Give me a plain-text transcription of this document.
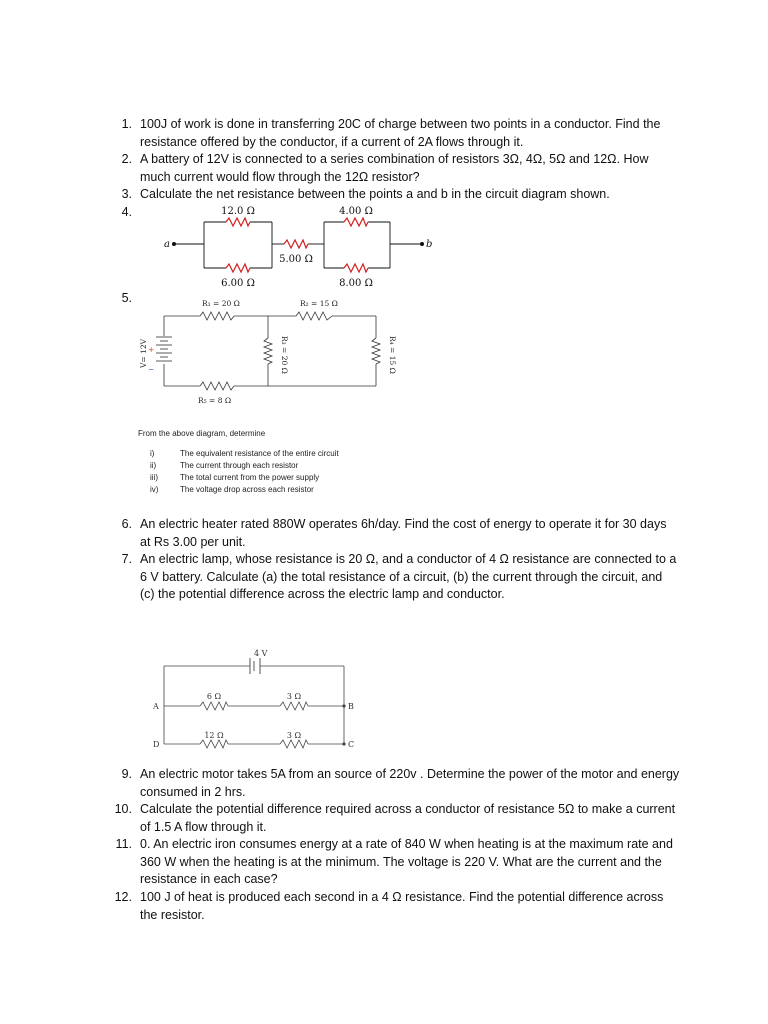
1. 100J of work is done in transferring 20C of charge between two points in a conductor. Find the resistance offered by the conductor, if a current of 2A flows through it.
2. A battery of 12V is connected to a series combination of resistors 3Ω, 4Ω, 5Ω and 12Ω. How much current would flow through the 12Ω resistor?
3. Calculate the net resistance between the points a and b in the circuit diagram shown.
4.
a	b
12.0 Ω
6.00 Ω
5.00 Ω
4.00 Ω
8.00 Ω
5.	R₁ = 20 Ω	R₂ = 15 Ω
R₅ = 8 Ω
+
−
V= 12V	R₃ = 20 Ω	R₄ = 15 Ω
From the above diagram, determine
i)	The equivalent resistance of the entire circuit
ii)	The current through each resistor
iii)	The total current from the power supply
iv)	The voltage drop across each resistor
6. An electric heater rated 880W operates 6h/day. Find the cost of energy to operate it for 30 days at Rs 3.00 per unit.
7. An electric lamp, whose resistance is 20 Ω, and a conductor of 4 Ω resistance are connected to a 6 V battery. Calculate (a) the total resistance of a circuit, (b) the current through the circuit, and (c) the potential difference across the electric lamp and conductor.
4 V
6 Ω	3 Ω
12 Ω	3 Ω
A	B
C
D
9. An electric motor takes 5A from an source of 220v . Determine the power of the motor and energy consumed in 2 hrs.
10. Calculate the potential difference required across a conductor of resistance 5Ω to make a current of 1.5 A flow through it.
11. 0. An electric iron consumes energy at a rate of 840 W when heating is at the maximum rate and 360 W when the heating is at the minimum. The voltage is 220 V. What are the current and the resistance in each case?
12. 100 J of heat is produced each second in a 4 Ω resistance. Find the potential difference across the resistor.
